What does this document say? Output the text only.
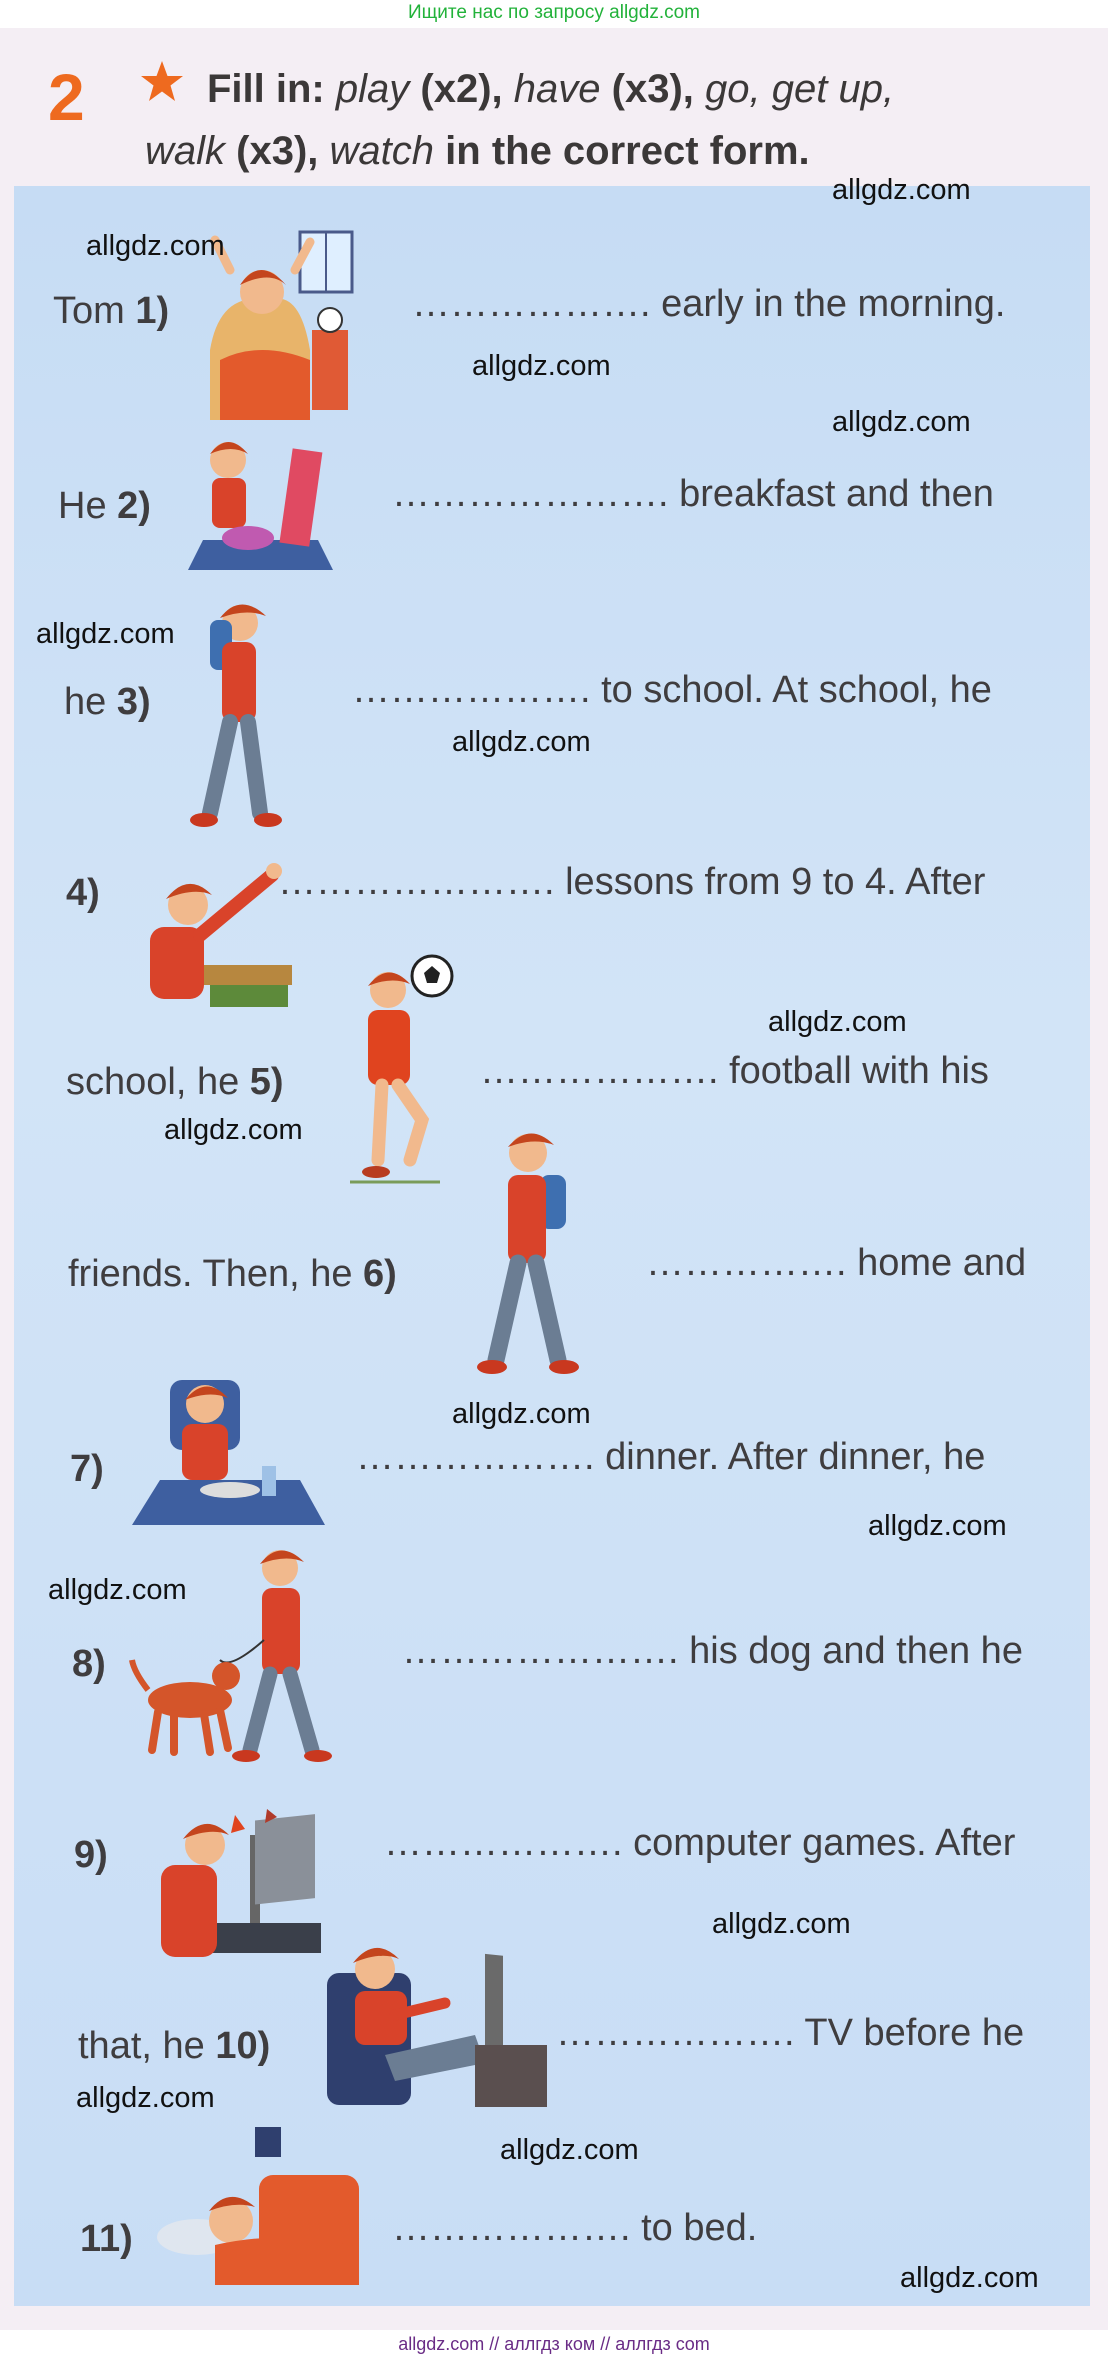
Ищите нас по запросу allgdz.com
2	Fill in: play (x2), have (x3), go, get up,
walk (x3), watch in the correct form.
Tom 1)	………………. early in the morning.
He 2)	…………………. breakfast and then
he 3)	………………. to school. At school, he
4)	…………………. lessons from 9 to 4. After
school, he 5)	………………. football with his
friends. Then, he 6)	……………. home and
7)	………………. dinner. After dinner, he
8)	…………………. his dog and then he
9)	………………. computer games. After
that, he 10)	………………. TV before he
11)	………………. to bed.
allgdz.com
allgdz.com
allgdz.com
allgdz.com
allgdz.com
allgdz.com
allgdz.com
allgdz.com
allgdz.com
allgdz.com
allgdz.com
allgdz.com
allgdz.com
allgdz.com
allgdz.com
allgdz.com // аллгдз ком // аллгдз com
